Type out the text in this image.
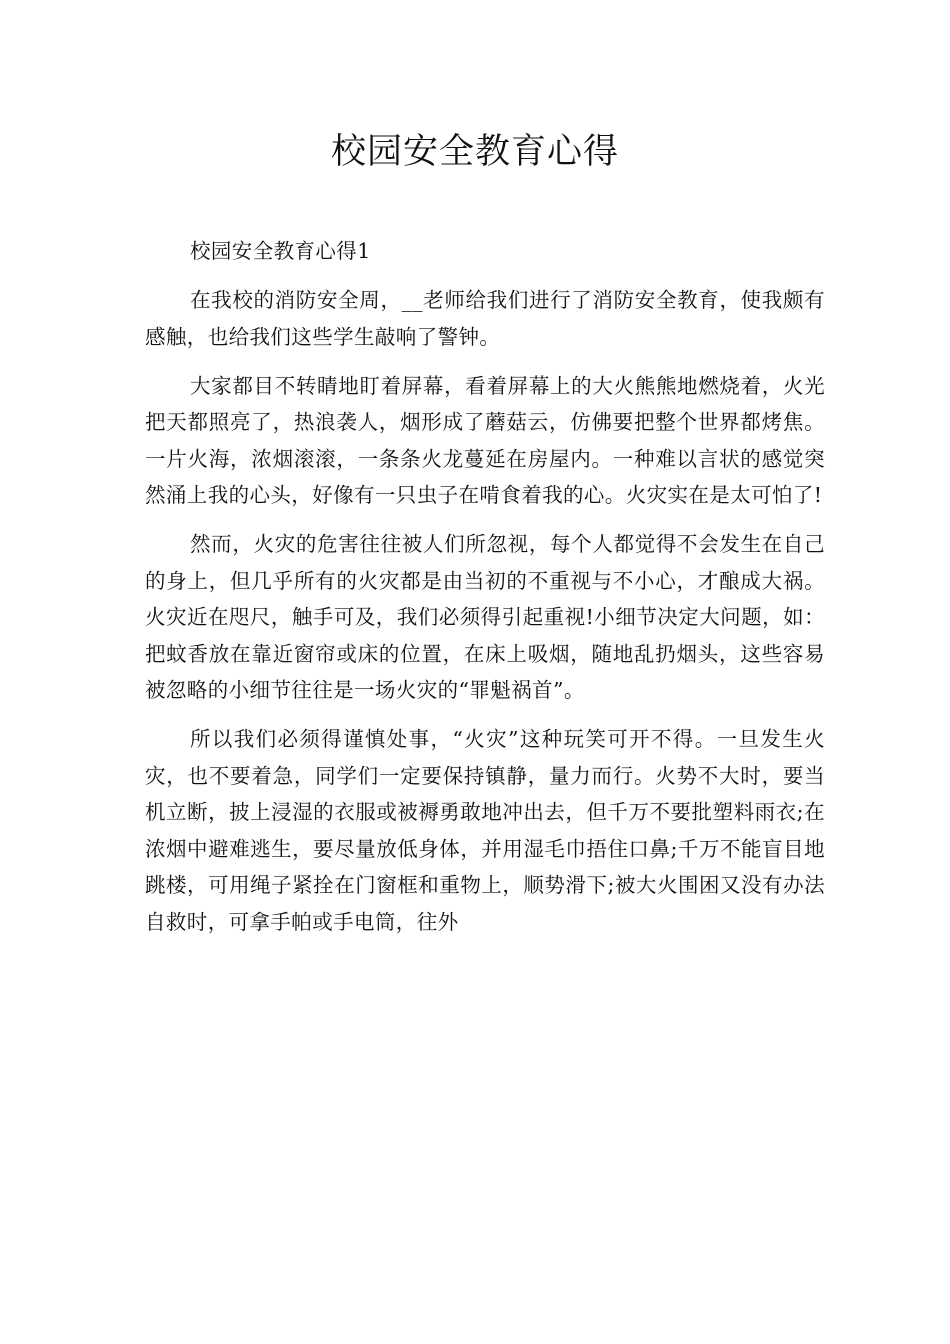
校园安全教育心得

校园安全教育心得1

在我校的消防安全周，__老师给我们进行了消防安全教育，使我颇有感触，也给我们这些学生敲响了警钟。

大家都目不转睛地盯着屏幕，看着屏幕上的大火熊熊地燃烧着，火光把天都照亮了，热浪袭人，烟形成了蘑菇云，仿佛要把整个世界都烤焦。一片火海，浓烟滚滚，一条条火龙蔓延在房屋内。一种难以言状的感觉突然涌上我的心头，好像有一只虫子在啃食着我的心。火灾实在是太可怕了!

然而，火灾的危害往往被人们所忽视，每个人都觉得不会发生在自己的身上，但几乎所有的火灾都是由当初的不重视与不小心，才酿成大祸。火灾近在咫尺，触手可及，我们必须得引起重视!小细节决定大问题，如：把蚊香放在靠近窗帘或床的位置，在床上吸烟，随地乱扔烟头，这些容易被忽略的小细节往往是一场火灾的“罪魁祸首”。

所以我们必须得谨慎处事，“火灾”这种玩笑可开不得。一旦发生火灾，也不要着急，同学们一定要保持镇静，量力而行。火势不大时，要当机立断，披上浸湿的衣服或被褥勇敢地冲出去，但千万不要批塑料雨衣;在浓烟中避难逃生，要尽量放低身体，并用湿毛巾捂住口鼻;千万不能盲目地跳楼，可用绳子紧拴在门窗框和重物上，顺势滑下;被大火围困又没有办法自救时，可拿手帕或手电筒，往外
